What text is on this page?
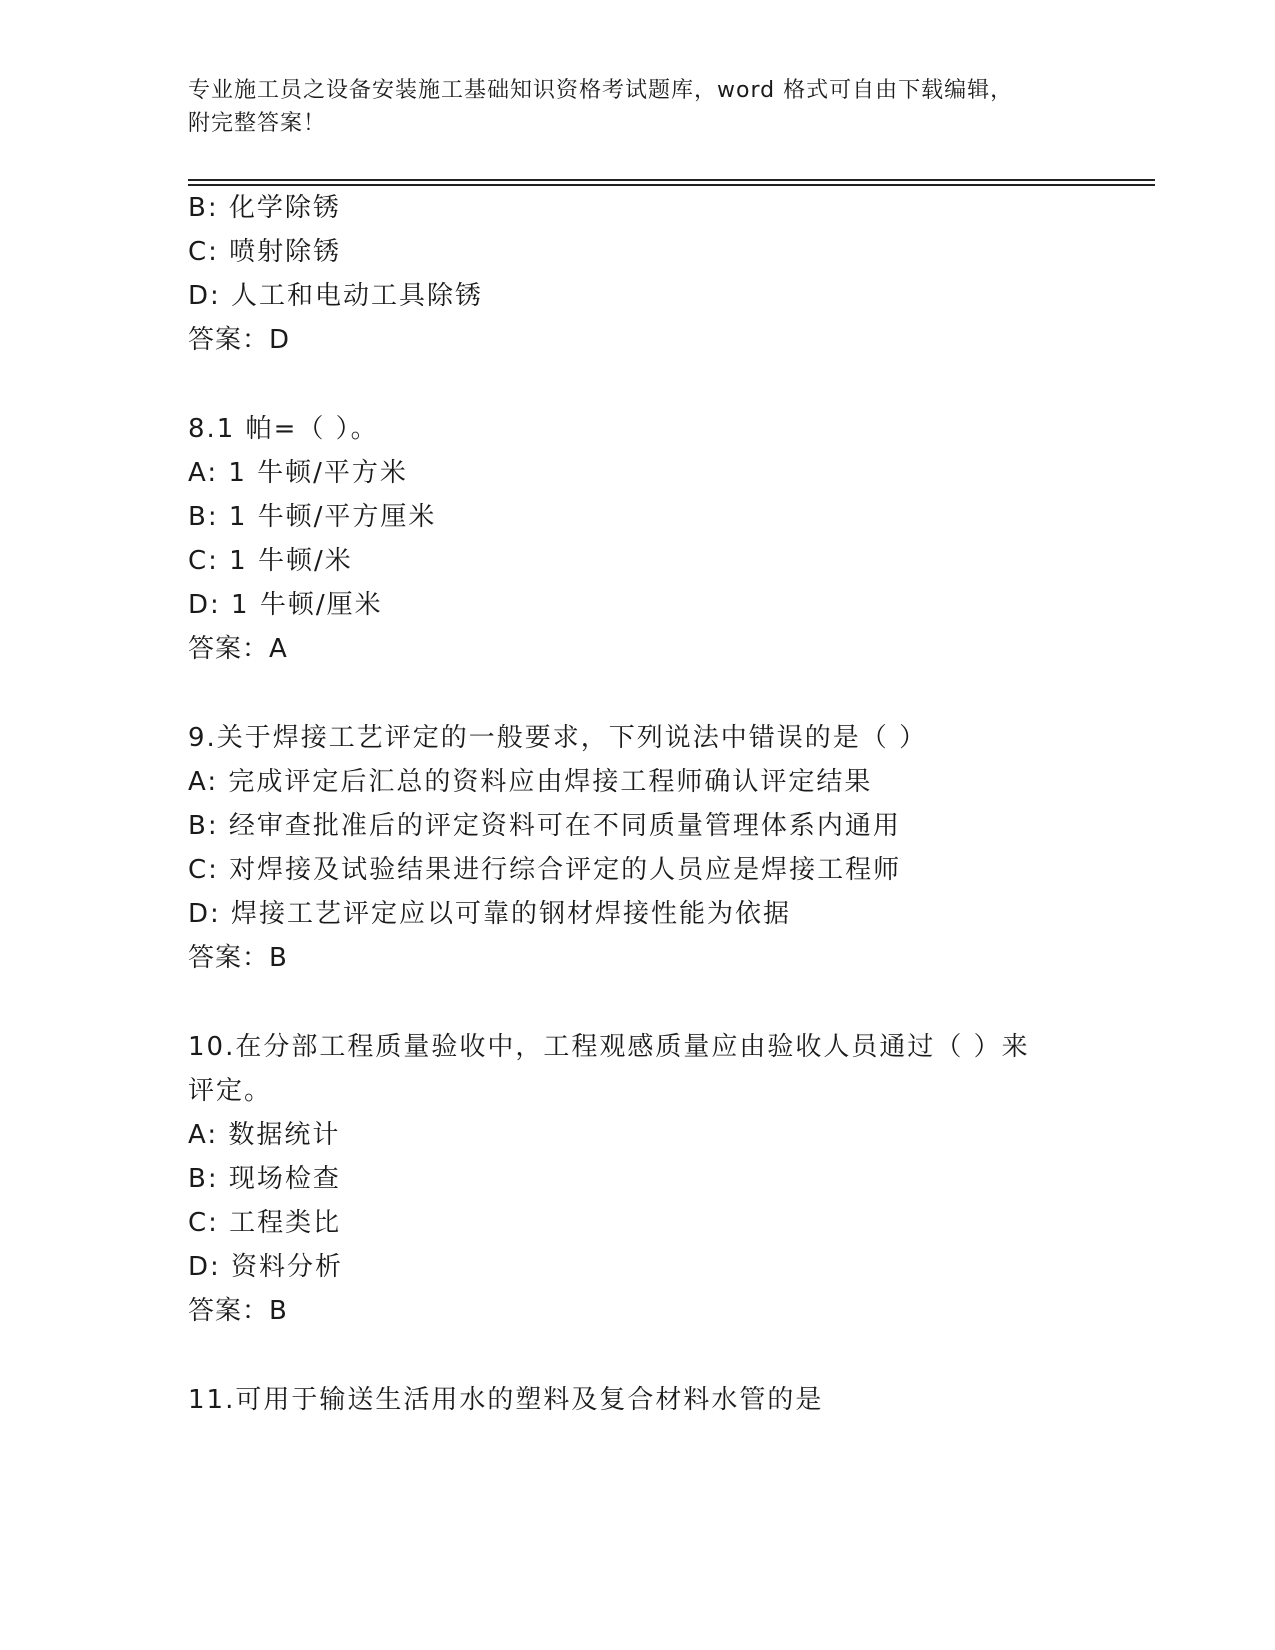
专业施工员之设备安装施工基础知识资格考试题库，word 格式可自由下载编辑，
附完整答案！
B: 化学除锈
C: 喷射除锈
D: 人工和电动工具除锈
答案：D
8.1 帕=（ ）。
A: 1 牛顿/平方米
B: 1 牛顿/平方厘米
C: 1 牛顿/米
D: 1 牛顿/厘米
答案：A
9.关于焊接工艺评定的一般要求，下列说法中错误的是（ ）
A: 完成评定后汇总的资料应由焊接工程师确认评定结果
B: 经审查批准后的评定资料可在不同质量管理体系内通用
C: 对焊接及试验结果进行综合评定的人员应是焊接工程师
D: 焊接工艺评定应以可靠的钢材焊接性能为依据
答案：B
10.在分部工程质量验收中，工程观感质量应由验收人员通过（ ）来
评定。
A: 数据统计
B: 现场检查
C: 工程类比
D: 资料分析
答案：B
11.可用于输送生活用水的塑料及复合材料水管的是
